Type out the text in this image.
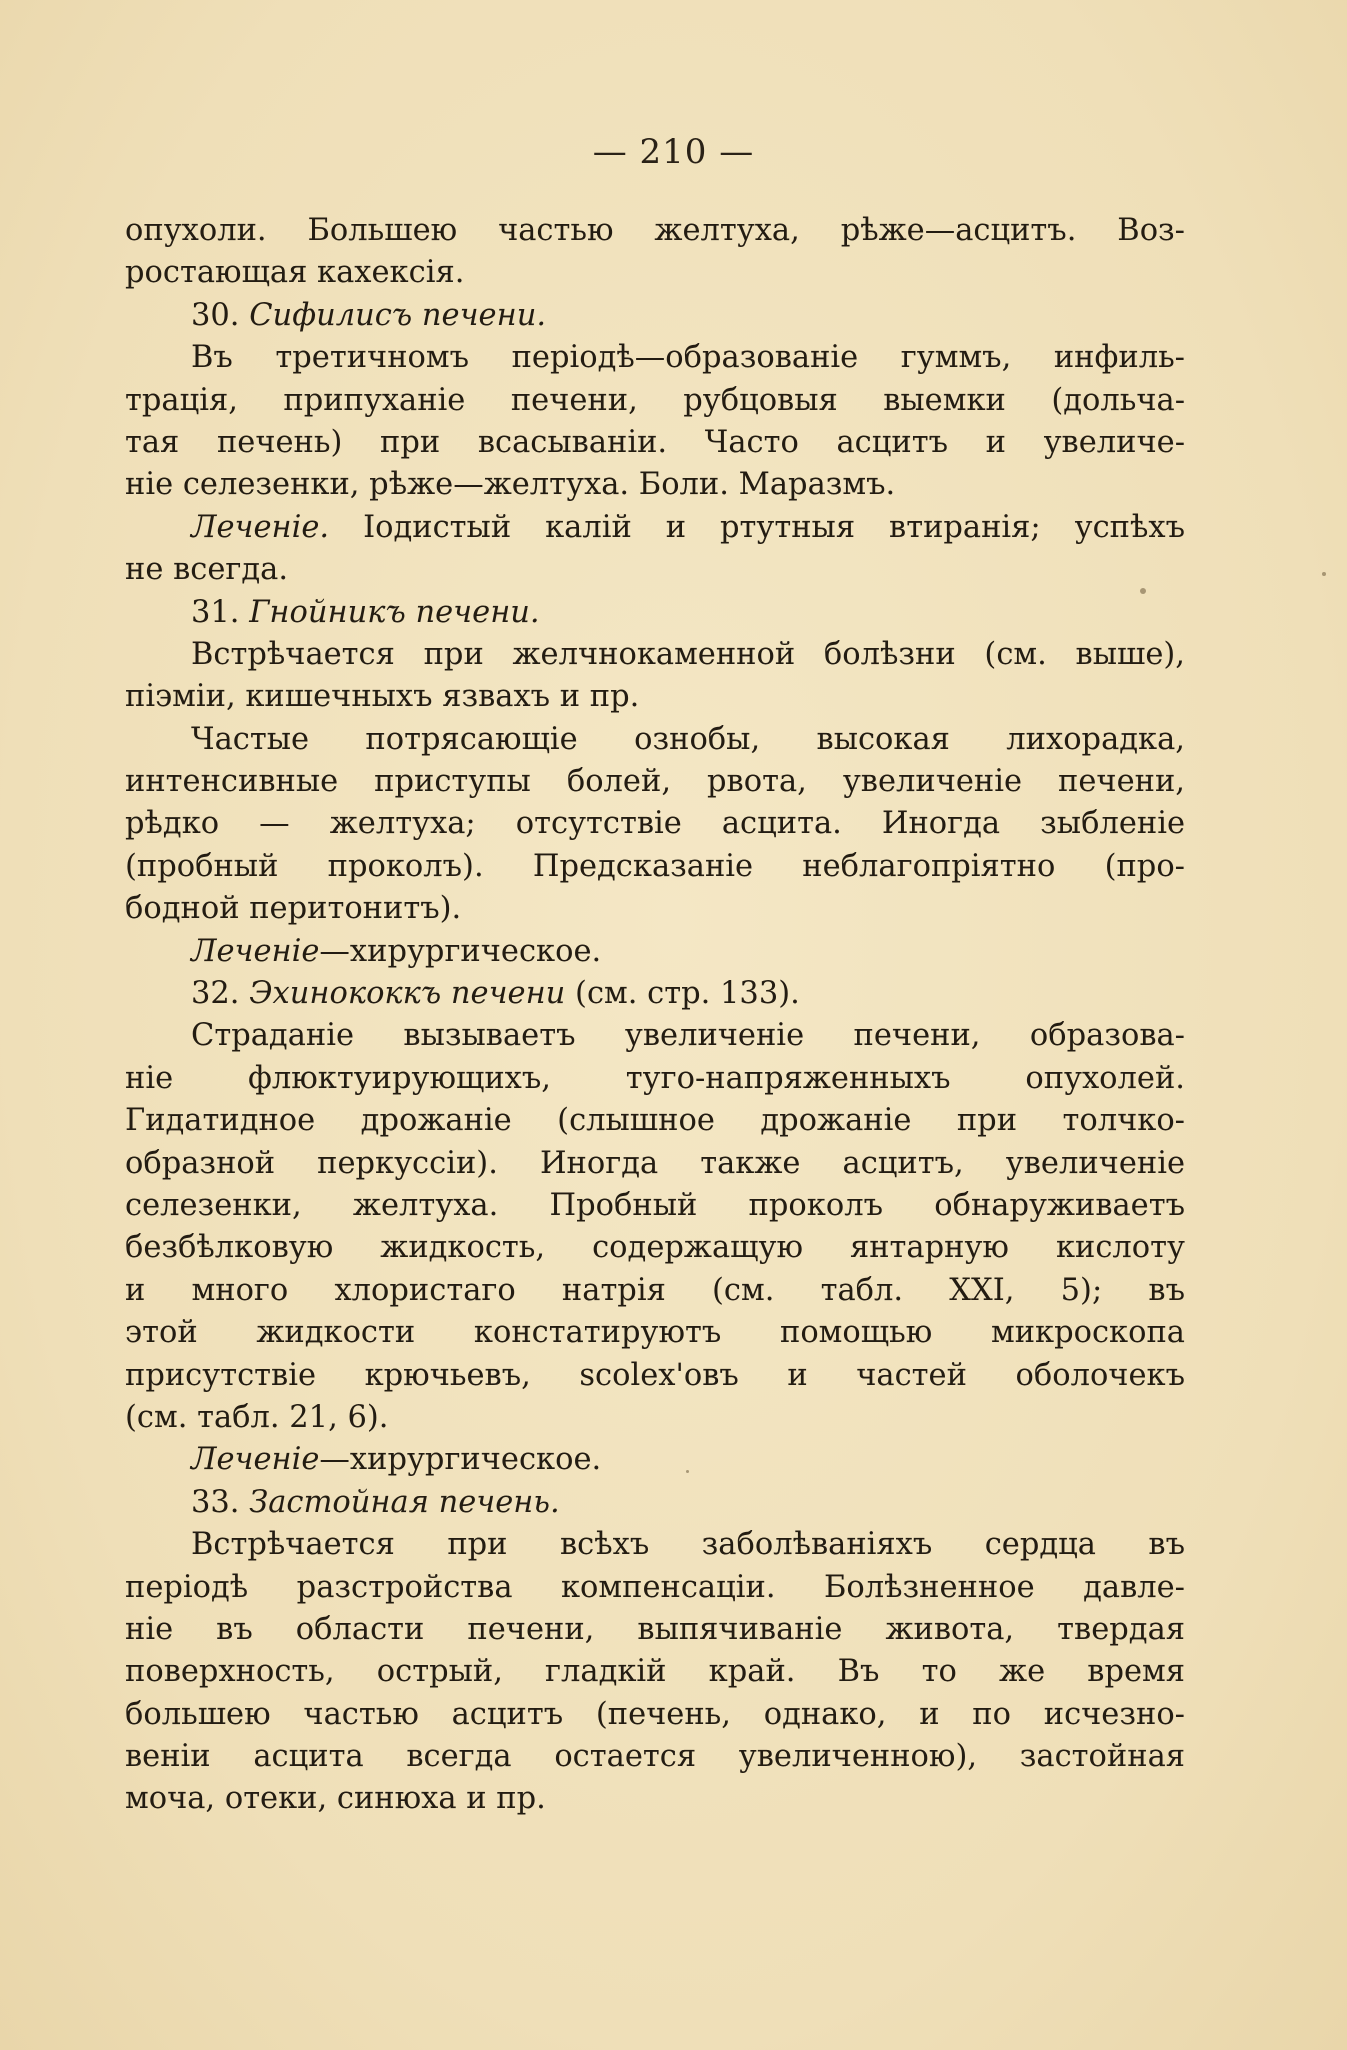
— 210 —
опухоли. Большею частью желтуха, рѣже—асцитъ. Воз-
ростающая кахексія.
30. Сифилисъ печени.
Въ третичномъ періодѣ—образованіе гуммъ, инфиль-
трація, припуханіе печени, рубцовыя выемки (дольча-
тая печень) при всасываніи. Часто асцитъ и увеличе-
ніе селезенки, рѣже—желтуха. Боли. Маразмъ.
Леченіе. Іодистый калій и ртутныя втиранія; успѣхъ
не всегда.
31. Гнойникъ печени.
Встрѣчается при желчнокаменной болѣзни (см. выше),
піэміи, кишечныхъ язвахъ и пр.
Частые потрясающіе ознобы, высокая лихорадка,
интенсивные приступы болей, рвота, увеличеніе печени,
рѣдко — желтуха; отсутствіе асцита. Иногда зыбленіе
(пробный проколъ). Предсказаніе неблагопріятно (про-
бодной перитонитъ).
Леченіе—хирургическое.
32. Эхинококкъ печени (см. стр. 133).
Страданіе вызываетъ увеличеніе печени, образова-
ніе флюктуирующихъ, туго-напряженныхъ опухолей.
Гидатидное дрожаніе (слышное дрожаніе при толчко-
образной перкуссіи). Иногда также асцитъ, увеличеніе
селезенки, желтуха. Пробный проколъ обнаруживаетъ
безбѣлковую жидкость, содержащую янтарную кислоту
и много хлористаго натрія (см. табл. XXI, 5); въ
этой жидкости констатируютъ помощью микроскопа
присутствіе крючьевъ, scolex'овъ и частей оболочекъ
(см. табл. 21, 6).
Леченіе—хирургическое.
33. Застойная печень.
Встрѣчается при всѣхъ заболѣваніяхъ сердца въ
періодѣ разстройства компенсаціи. Болѣзненное давле-
ніе въ области печени, выпячиваніе живота, твердая
поверхность, острый, гладкій край. Въ то же время
большею частью асцитъ (печень, однако, и по исчезно-
веніи асцита всегда остается увеличенною), застойная
моча, отеки, синюха и пр.
